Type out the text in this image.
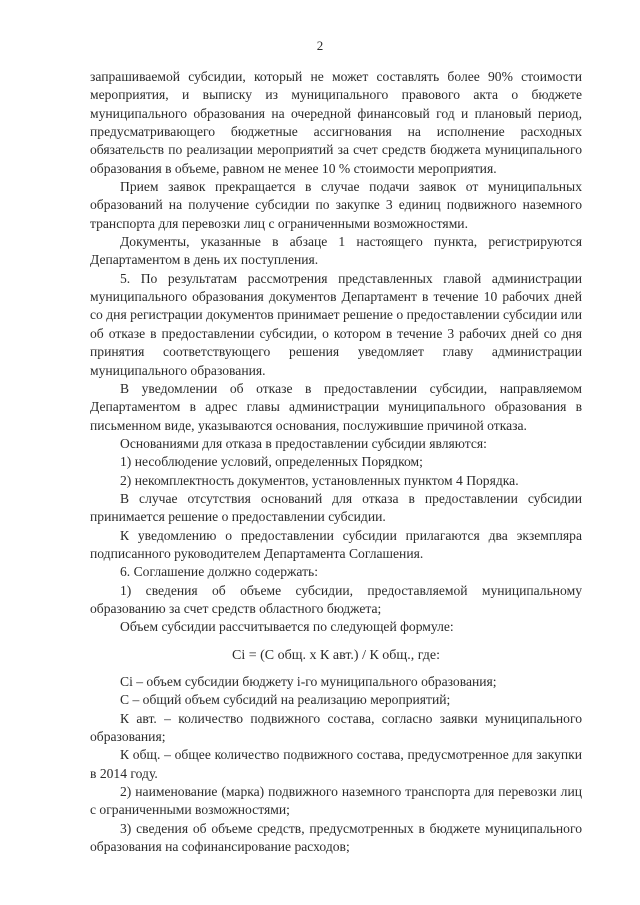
2

запрашиваемой субсидии, который не может составлять более 90% стоимости мероприятия, и выписку из муниципального правового акта о бюджете муниципального образования на очередной финансовый год и плановый период, предусматривающего бюджетные ассигнования на исполнение расходных обязательств по реализации мероприятий за счет средств бюджета муниципального образования в объеме, равном не менее 10 % стоимости мероприятия.

Прием заявок прекращается в случае подачи заявок от муниципальных образований на получение субсидии по закупке 3 единиц подвижного наземного транспорта для перевозки лиц с ограниченными возможностями.

Документы, указанные в абзаце 1 настоящего пункта, регистрируются Департаментом в день их поступления.

5. По результатам рассмотрения представленных главой администрации муниципального образования документов Департамент в течение 10 рабочих дней со дня регистрации документов принимает решение о предоставлении субсидии или об отказе в предоставлении субсидии, о котором в течение 3 рабочих дней со дня принятия соответствующего решения уведомляет главу администрации муниципального образования.

В уведомлении об отказе в предоставлении субсидии, направляемом Департаментом в адрес главы администрации муниципального образования в письменном виде, указываются основания, послужившие причиной отказа.

Основаниями для отказа в предоставлении субсидии являются:

1) несоблюдение условий, определенных Порядком;

2) некомплектность документов, установленных пунктом 4 Порядка.

В случае отсутствия оснований для отказа в предоставлении субсидии принимается решение о предоставлении субсидии.

К уведомлению о предоставлении субсидии прилагаются два экземпляра подписанного руководителем Департамента Соглашения.

6. Соглашение должно содержать:

1) сведения об объеме субсидии, предоставляемой муниципальному образованию за счет средств областного бюджета;

Объем субсидии рассчитывается по следующей формуле:

Ci = (С общ. х К авт.) / К общ., где:

Ci – объем субсидии бюджету i-го муниципального образования;

С – общий объем субсидий на реализацию мероприятий;

К авт. – количество подвижного состава, согласно заявки муниципального образования;

К общ. – общее количество подвижного состава, предусмотренное для закупки в 2014 году.

2) наименование (марка) подвижного наземного транспорта для перевозки лиц с ограниченными возможностями;

3) сведения об объеме средств, предусмотренных в бюджете муниципального образования на софинансирование расходов;
